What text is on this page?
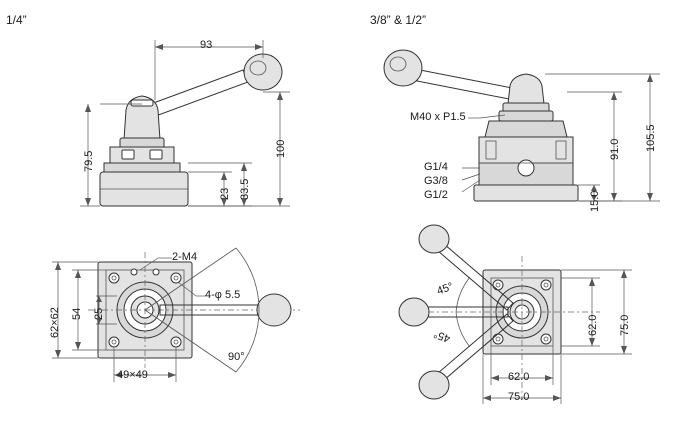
1/4”	3/8” & 1/2”
93
100
79.5
33.5
23
62×62 54 25
49×49
2-M4
4-φ 5.5
90°
M40 x P1.5
G1/4
G3/8
G1/2
91.0 105.5
15.0
62.0 75.0
62.0
75.0
45°
45°
